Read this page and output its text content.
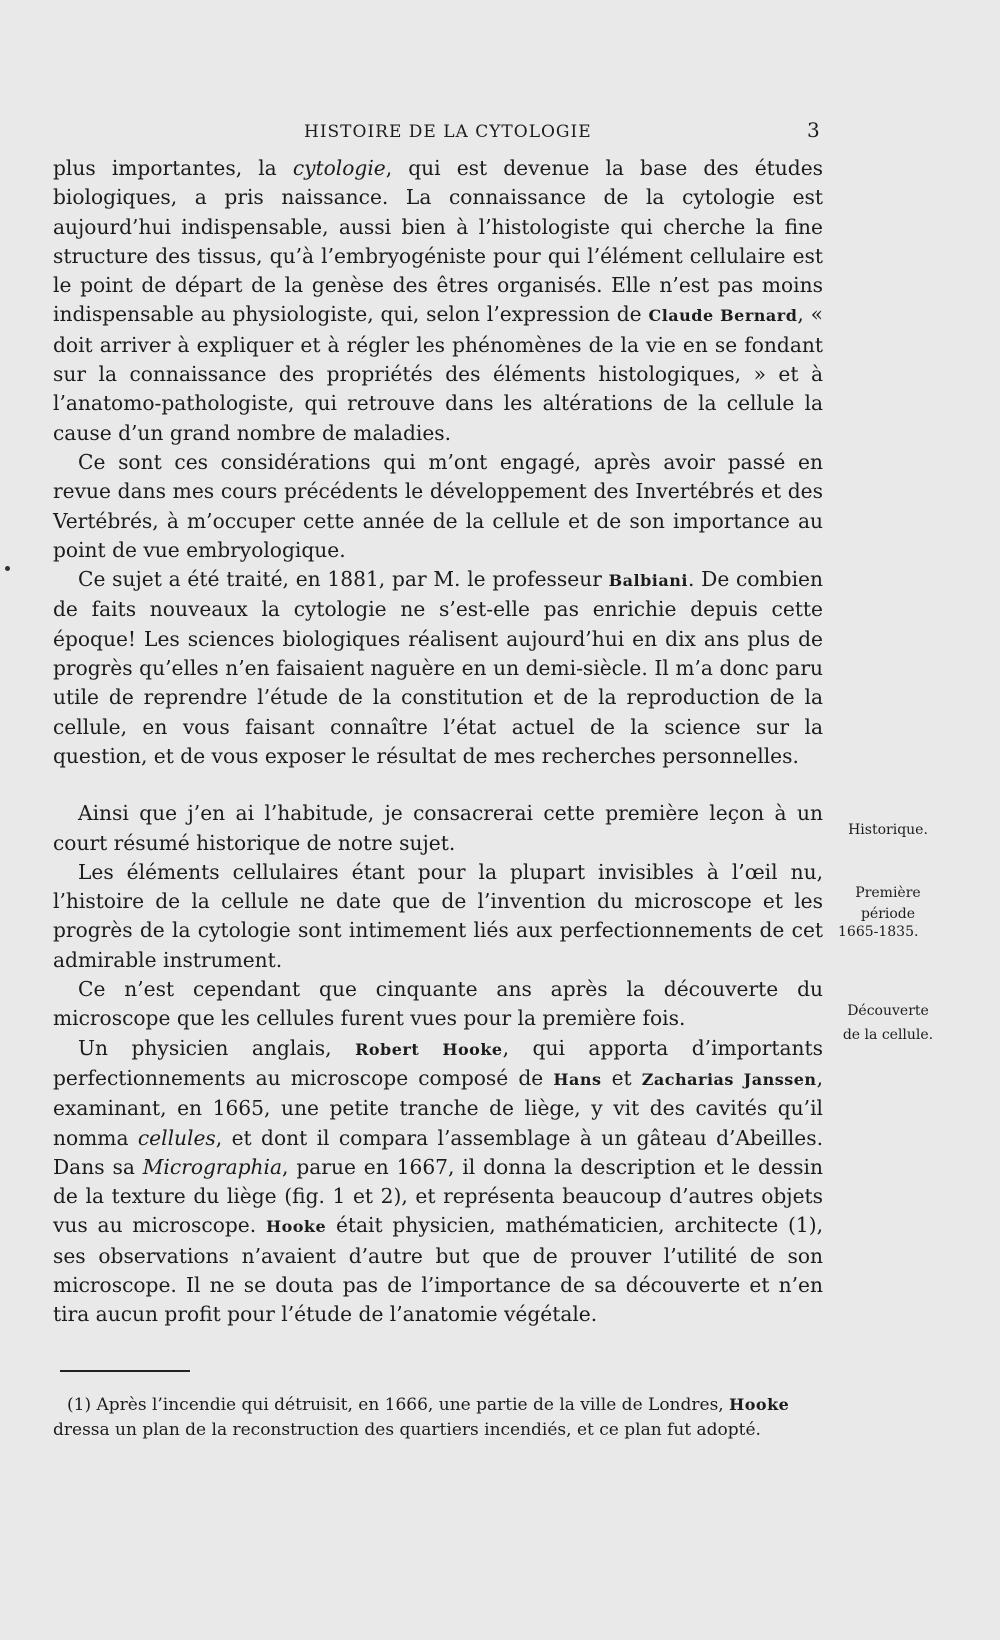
HISTOIRE DE LA CYTOLOGIE	3

plus importantes, la cytologie, qui est devenue la base des études biologiques, a pris naissance. La connaissance de la cytologie est aujourd’hui indispensable, aussi bien à l’histologiste qui cherche la fine structure des tissus, qu’à l’embryogéniste pour qui l’élément cellulaire est le point de départ de la genèse des êtres organisés. Elle n’est pas moins indispensable au physiologiste, qui, selon l’expression de Claude Bernard, « doit arriver à expliquer et à régler les phénomènes de la vie en se fondant sur la connaissance des propriétés des éléments histologiques, » et à l’anatomo-pathologiste, qui retrouve dans les altérations de la cellule la cause d’un grand nombre de maladies.

Ce sont ces considérations qui m’ont engagé, après avoir passé en revue dans mes cours précédents le développement des Invertébrés et des Vertébrés, à m’occuper cette année de la cellule et de son importance au point de vue embryologique.

Ce sujet a été traité, en 1881, par M. le professeur Balbiani. De combien de faits nouveaux la cytologie ne s’est-elle pas enrichie depuis cette époque! Les sciences biologiques réalisent aujourd’hui en dix ans plus de progrès qu’elles n’en faisaient naguère en un demi-siècle. Il m’a donc paru utile de reprendre l’étude de la constitution et de la reproduction de la cellule, en vous faisant connaître l’état actuel de la science sur la question, et de vous exposer le résultat de mes recherches personnelles.

Ainsi que j’en ai l’habitude, je consacrerai cette première leçon à un court résumé historique de notre sujet.

Les éléments cellulaires étant pour la plupart invisibles à l’œil nu, l’histoire de la cellule ne date que de l’invention du microscope et les progrès de la cytologie sont intimement liés aux perfectionnements de cet admirable instrument.

Ce n’est cependant que cinquante ans après la découverte du microscope que les cellules furent vues pour la première fois.

Un physicien anglais, Robert Hooke, qui apporta d’importants perfectionnements au microscope composé de Hans et Zacharias Janssen, examinant, en 1665, une petite tranche de liège, y vit des cavités qu’il nomma cellules, et dont il compara l’assemblage à un gâteau d’Abeilles. Dans sa Micrographia, parue en 1667, il donna la description et le dessin de la texture du liège (fig. 1 et 2), et représenta beaucoup d’autres objets vus au microscope. Hooke était physicien, mathématicien, architecte (1), ses observations n’avaient d’autre but que de prouver l’utilité de son microscope. Il ne se douta pas de l’importance de sa découverte et n’en tira aucun profit pour l’étude de l’anatomie végétale.

Historique.
Première
période
1665-1835.
Découverte
de la cellule.
(1) Après l’incendie qui détruisit, en 1666, une partie de la ville de Londres, Hooke dressa un plan de la reconstruction des quartiers incendiés, et ce plan fut adopté.
